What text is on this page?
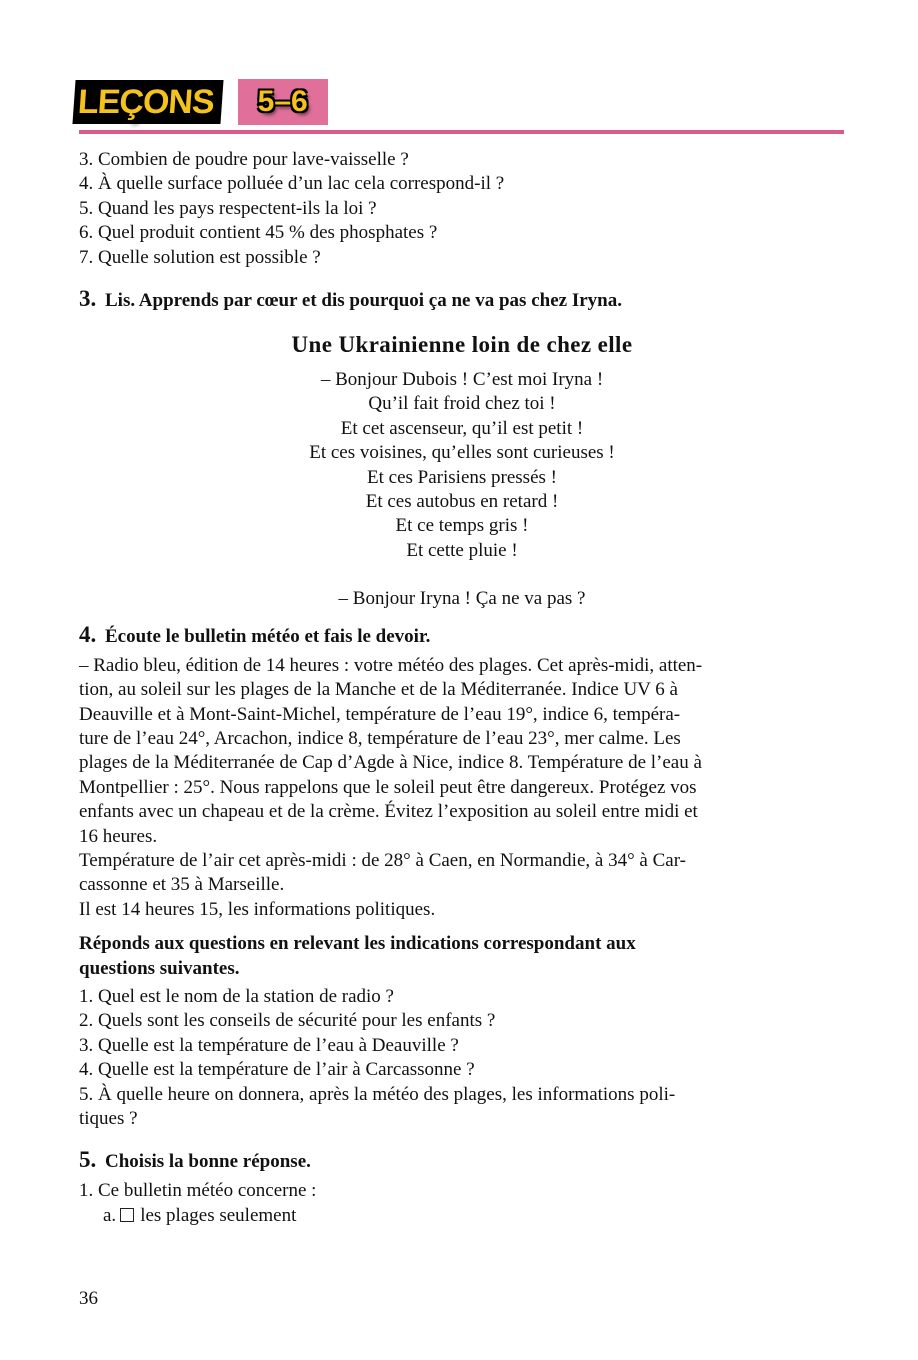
LEÇONS	5–6
3. Combien de poudre pour lave-vaisselle ?
4. À quelle surface polluée d’un lac cela correspond-il ?
5. Quand les pays respectent-ils la loi ?
6. Quel produit contient 45 % des phosphates ?
7. Quelle solution est possible ?
3. Lis. Apprends par cœur et dis pourquoi ça ne va pas chez Iryna.
Une Ukrainienne loin de chez elle
– Bonjour Dubois ! C’est moi Iryna !
Qu’il fait froid chez toi !
Et cet ascenseur, qu’il est petit !
Et ces voisines, qu’elles sont curieuses !
Et ces Parisiens pressés !
Et ces autobus en retard !
Et ce temps gris !
Et cette pluie !
– Bonjour Iryna ! Ça ne va pas ?
4. Écoute le bulletin météo et fais le devoir.
– Radio bleu, édition de 14 heures : votre météo des plages. Cet après-midi, atten-
tion, au soleil sur les plages de la Manche et de la Méditerranée. Indice UV 6 à
Deauville et à Mont-Saint-Michel, température de l’eau 19°, indice 6, tempéra-
ture de l’eau 24°, Arcachon, indice 8, température de l’eau 23°, mer calme. Les
plages de la Méditerranée de Cap d’Agde à Nice, indice 8. Température de l’eau à
Montpellier : 25°. Nous rappelons que le soleil peut être dangereux. Protégez vos
enfants avec un chapeau et de la crème. Évitez l’exposition au soleil entre midi et
16 heures.
Température de l’air cet après-midi : de 28° à Caen, en Normandie, à 34° à Car-
cassonne et 35 à Marseille.
Il est 14 heures 15, les informations politiques.
Réponds aux questions en relevant les indications correspondant aux
questions suivantes.
1. Quel est le nom de la station de radio ?
2. Quels sont les conseils de sécurité pour les enfants ?
3. Quelle est la température de l’eau à Deauville ?
4. Quelle est la température de l’air à Carcassonne ?
5. À quelle heure on donnera, après la météo des plages, les informations poli-
tiques ?
5. Choisis la bonne réponse.
1. Ce bulletin météo concerne :
a. les plages seulement
36
